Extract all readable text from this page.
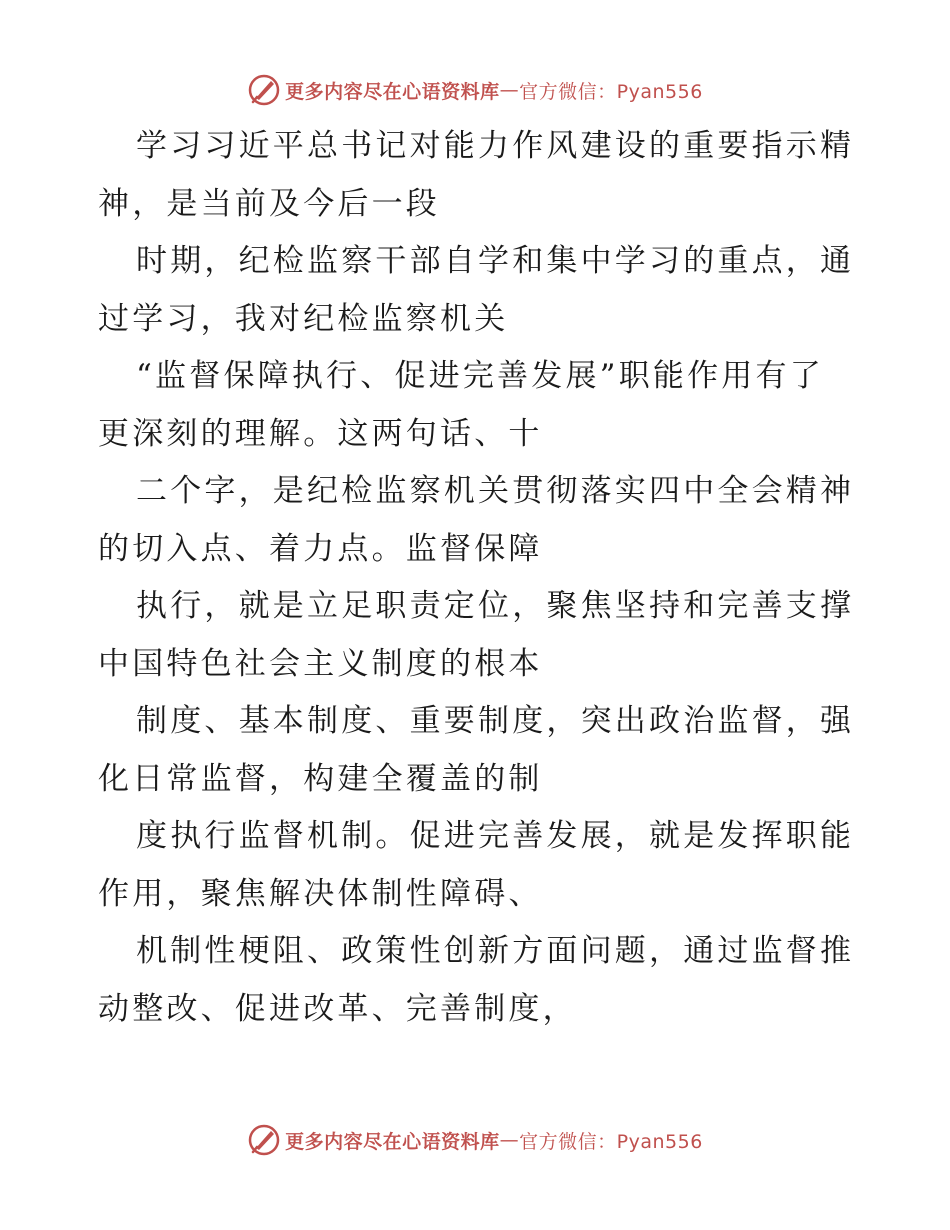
更多内容尽在心语资料库 — 官方微信：Pyan556

学习习近平总书记对能力作风建设的重要指示精
神，是当前及今后一段

时期，纪检监察干部自学和集中学习的重点，通
过学习，我对纪检监察机关

“监督保障执行、促进完善发展”职能作用有了
更深刻的理解。这两句话、十

二个字，是纪检监察机关贯彻落实四中全会精神
的切入点、着力点。监督保障

执行，就是立足职责定位，聚焦坚持和完善支撑
中国特色社会主义制度的根本

制度、基本制度、重要制度，突出政治监督，强
化日常监督，构建全覆盖的制

度执行监督机制。促进完善发展，就是发挥职能
作用，聚焦解决体制性障碍、

机制性梗阻、政策性创新方面问题，通过监督推
动整改、促进改革、完善制度，

更多内容尽在心语资料库 — 官方微信：Pyan556
